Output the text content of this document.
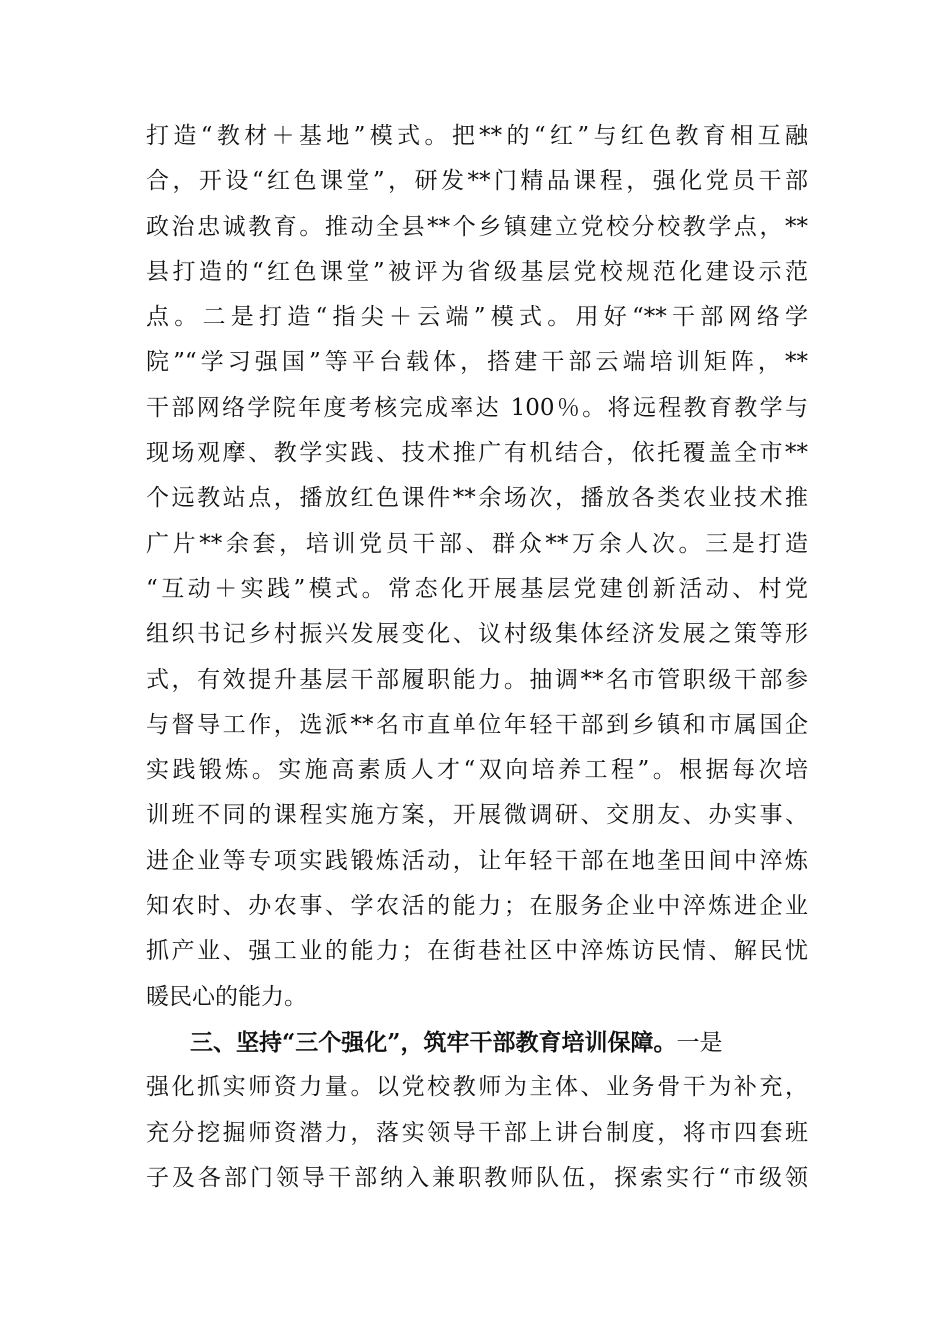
打造“教材＋基地”模式。把**的“红”与红色教育相互融
合，开设“红色课堂”，研发**门精品课程，强化党员干部
政治忠诚教育。推动全县**个乡镇建立党校分校教学点，**
县打造的“红色课堂”被评为省级基层党校规范化建设示范
点。二是打造“指尖＋云端”模式。用好“**干部网络学
院”“学习强国”等平台载体，搭建干部云端培训矩阵，**
干部网络学院年度考核完成率达 100％。将远程教育教学与
现场观摩、教学实践、技术推广有机结合，依托覆盖全市**
个远教站点，播放红色课件**余场次，播放各类农业技术推
广片**余套，培训党员干部、群众**万余人次。三是打造
“互动＋实践”模式。常态化开展基层党建创新活动、村党
组织书记乡村振兴发展变化、议村级集体经济发展之策等形
式，有效提升基层干部履职能力。抽调**名市管职级干部参
与督导工作，选派**名市直单位年轻干部到乡镇和市属国企
实践锻炼。实施高素质人才“双向培养工程”。根据每次培
训班不同的课程实施方案，开展微调研、交朋友、办实事、
进企业等专项实践锻炼活动，让年轻干部在地垄田间中淬炼
知农时、办农事、学农活的能力；在服务企业中淬炼进企业
抓产业、强工业的能力；在街巷社区中淬炼访民情、解民忧
暖民心的能力。
三、坚持“三个强化”，筑牢干部教育培训保障。一是
强化抓实师资力量。以党校教师为主体、业务骨干为补充，
充分挖掘师资潜力，落实领导干部上讲台制度，将市四套班
子及各部门领导干部纳入兼职教师队伍，探索实行“市级领
